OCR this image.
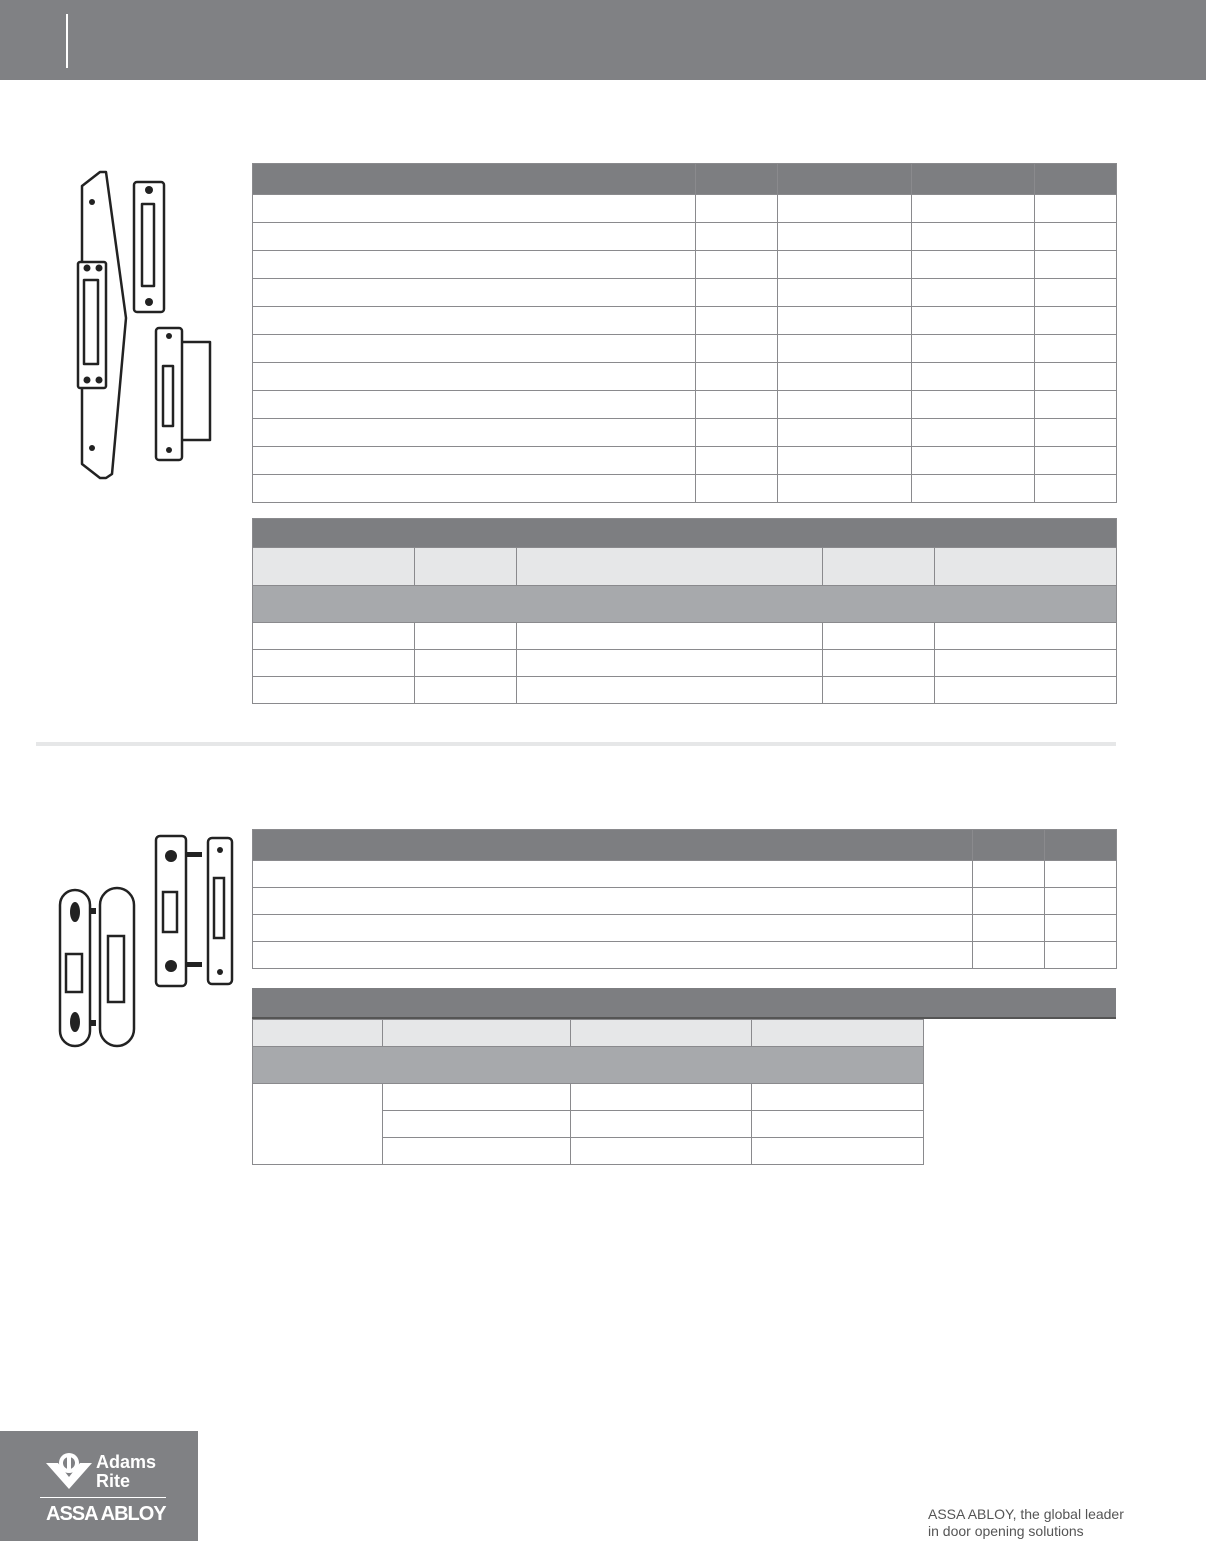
Adams
Rite
ASSA ABLOY	ASSA ABLOY, the global leader
in door opening solutions
